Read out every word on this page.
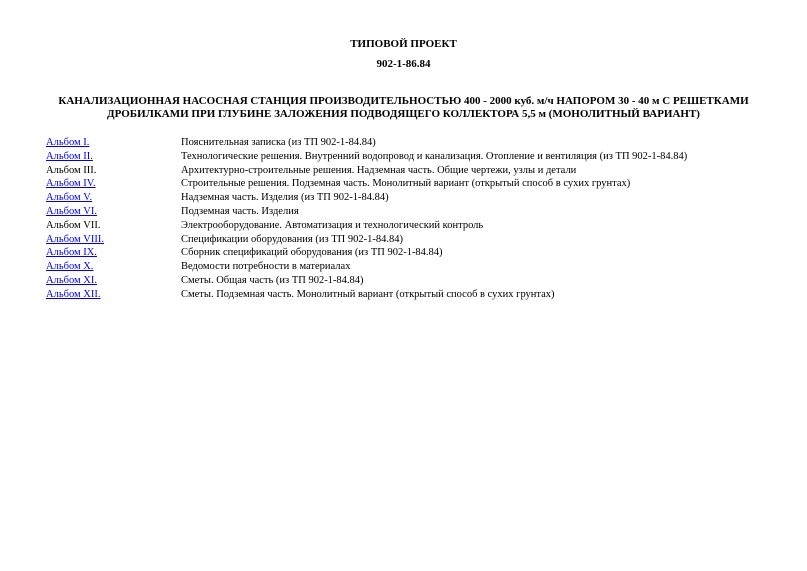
ТИПОВОЙ ПРОЕКТ
902-1-86.84
КАНАЛИЗАЦИОННАЯ НАСОСНАЯ СТАНЦИЯ ПРОИЗВОДИТЕЛЬНОСТЬЮ 400 - 2000 куб. м/ч НАПОРОМ 30 - 40 м С РЕШЕТКАМИ
ДРОБИЛКАМИ ПРИ ГЛУБИНЕ ЗАЛОЖЕНИЯ ПОДВОДЯЩЕГО КОЛЛЕКТОРА 5,5 м (МОНОЛИТНЫЙ ВАРИАНТ)
Альбом I.	Пояснительная записка (из ТП 902-1-84.84)
Альбом II.	Технологические решения. Внутренний водопровод и канализация. Отопление и вентиляция (из ТП 902-1-84.84)
Альбом III.	Архитектурно-строительные решения. Надземная часть. Общие чертежи, узлы и детали
Альбом IV.	Строительные решения. Подземная часть. Монолитный вариант (открытый способ в сухих грунтах)
Альбом V.	Надземная часть. Изделия (из ТП 902-1-84.84)
Альбом VI.	Подземная часть. Изделия
Альбом VII.	Электрооборудование. Автоматизация и технологический контроль
Альбом VIII.	Спецификации оборудования (из ТП 902-1-84.84)
Альбом IX.	Сборник спецификаций оборудования (из ТП 902-1-84.84)
Альбом X.	Ведомости потребности в материалах
Альбом XI.	Сметы. Общая часть (из ТП 902-1-84.84)
Альбом XII.	Сметы. Подземная часть. Монолитный вариант (открытый способ в сухих грунтах)
